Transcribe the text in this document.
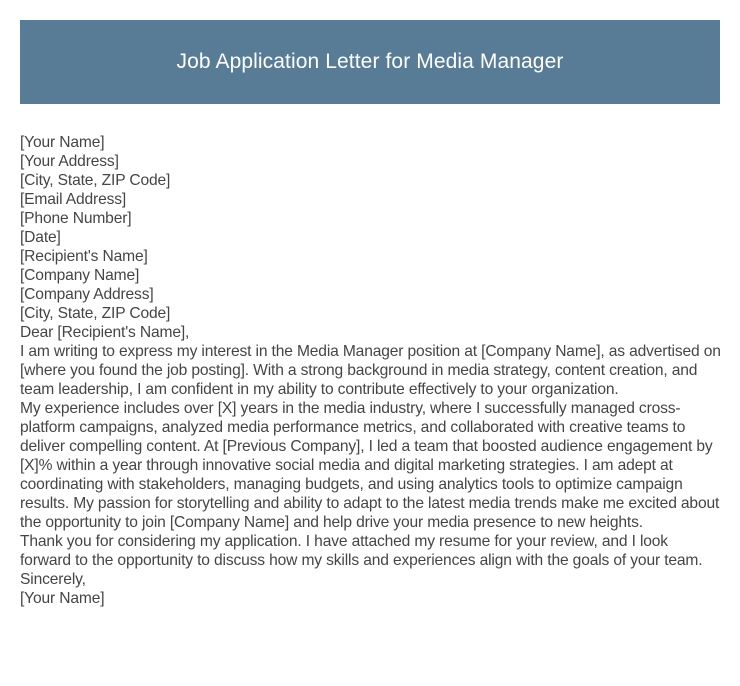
Job Application Letter for Media Manager
[Your Name]
[Your Address]
[City, State, ZIP Code]
[Email Address]
[Phone Number]
[Date]
[Recipient's Name]
[Company Name]
[Company Address]
[City, State, ZIP Code]
Dear [Recipient's Name],

I am writing to express my interest in the Media Manager position at [Company Name], as advertised on [where you found the job posting]. With a strong background in media strategy, content creation, and team leadership, I am confident in my ability to contribute effectively to your organization.

My experience includes over [X] years in the media industry, where I successfully managed cross-platform campaigns, analyzed media performance metrics, and collaborated with creative teams to deliver compelling content. At [Previous Company], I led a team that boosted audience engagement by [X]% within a year through innovative social media and digital marketing strategies. I am adept at coordinating with stakeholders, managing budgets, and using analytics tools to optimize campaign results. My passion for storytelling and ability to adapt to the latest media trends make me excited about the opportunity to join [Company Name] and help drive your media presence to new heights.

Thank you for considering my application. I have attached my resume for your review, and I look forward to the opportunity to discuss how my skills and experiences align with the goals of your team.

Sincerely,
[Your Name]
